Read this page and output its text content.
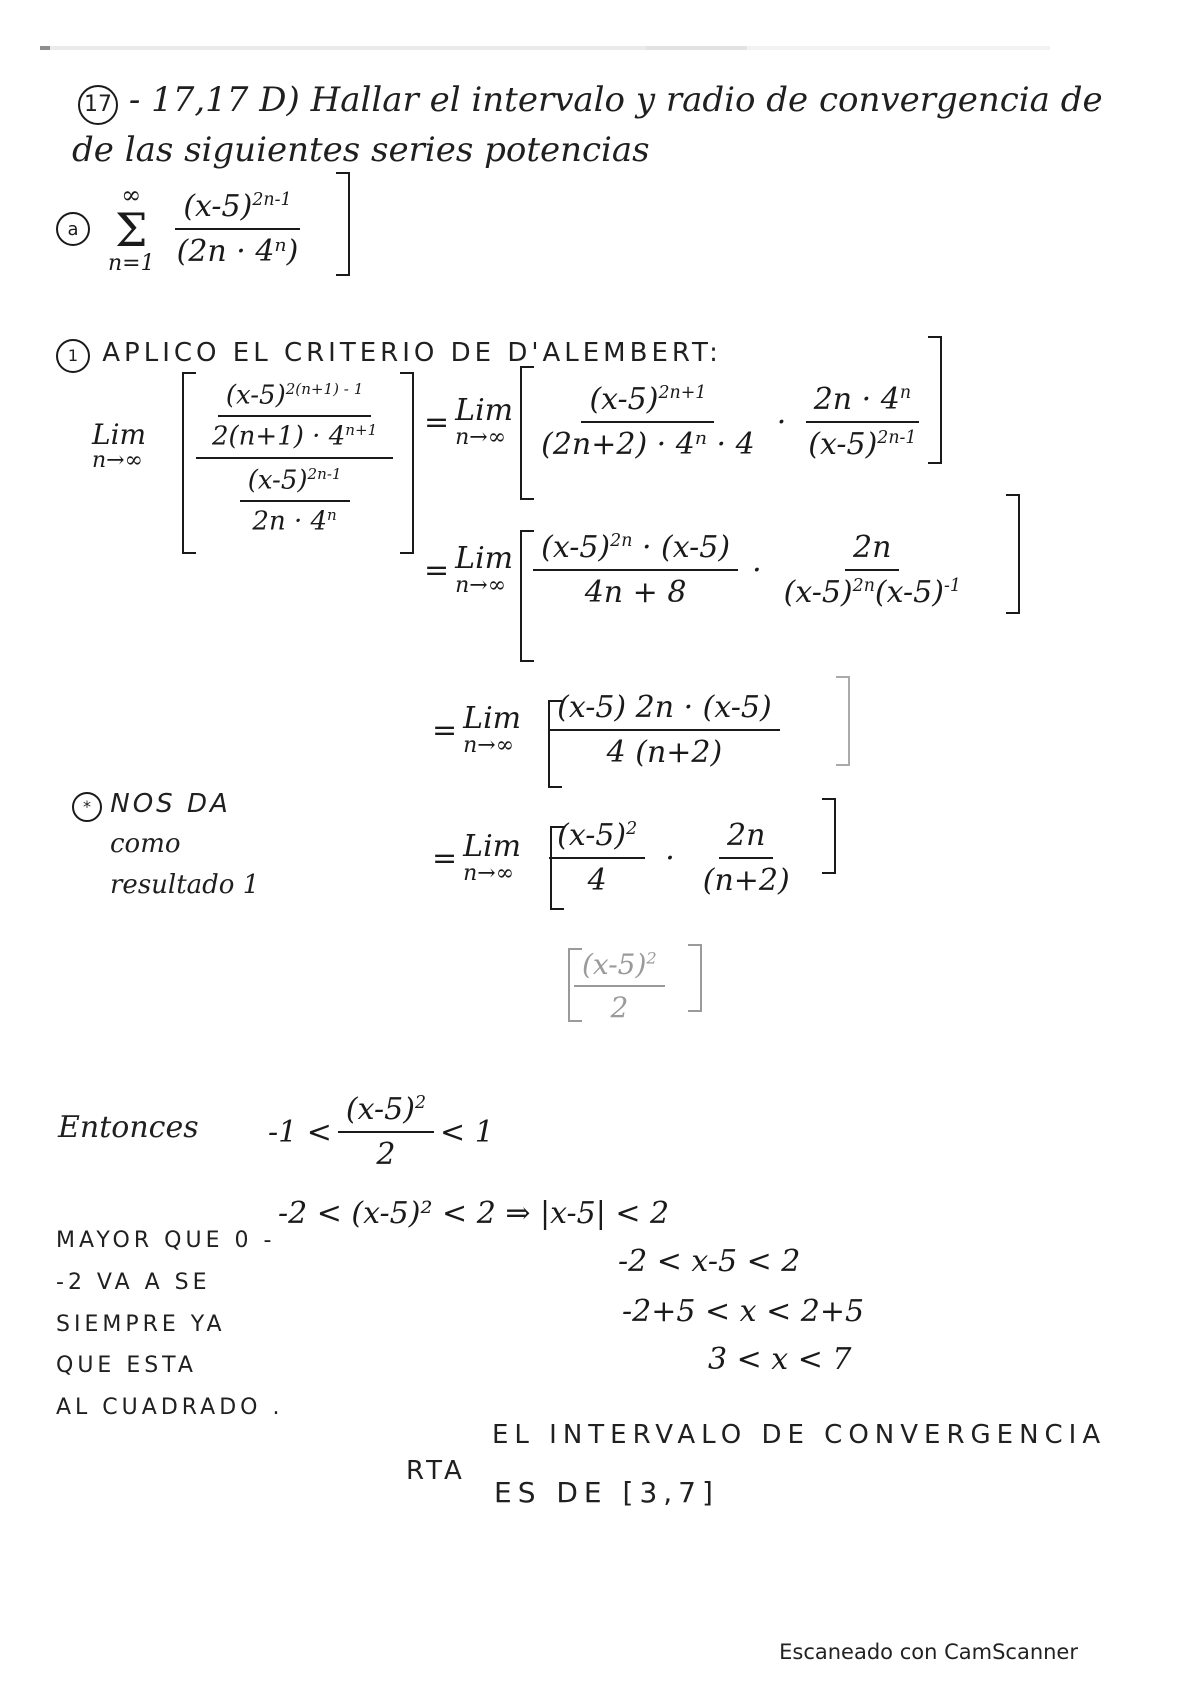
17 - 17,17 D) Hallar el intervalo y radio de convergencia de
de las siguientes series potencias
a
∞
Σ
$n=1 \frac{(x-5)^{2n-1}}{\text{(2n · 4ⁿ)}}$
1 APLICO EL CRITERIO DE D'ALEMBERT:
Lim
$n\to\infty \frac{\frac{(x-5)^{2(n+1) - 1}}{2(n+1) \cdot 4^{n+1}}}{\frac{(x-5)^{2n-1}}{2n \cdot 4^n}}$ = Lim
$n\to\infty \frac{(x-5)^{2n+1}}{\text{(2n+2) · 4ⁿ · 4}} \cdot \frac{2n \cdot 4^n}{(x-5)^{2n-1}}$
= Lim
$n\to\infty \frac{(x-5)^{2n} \cdot (x-5)}{4n + 8} \cdot \frac{2n}{(x-5)^{2n}(x-5)^{-1}}$
= Lim
$n\to\infty \frac{(x-5) 2n \cdot (x-5)}{4 (n+2)}$
* NOS DA
como
resultado 1
= Lim
$n\to\infty \frac{(x-5)^2}{4} \cdot \frac{2n}{(n+2)}$
$\frac{(x-5)^2}{2}$
Entonces $-1 < \frac{(x-5)^2}{2} < 1$
-2 < (x-5)² < 2 ⇒ |x-5| < 2
-2 < x-5 < 2
-2+5 < x < 2+5
3 < x < 7
MAYOR QUE 0 -
-2 VA A SE
SIEMPRE YA
QUE ESTA
AL CUADRADO .
RTA
EL INTERVALO DE CONVERGENCIA
ES DE [3,7]
Escaneado con CamScanner
